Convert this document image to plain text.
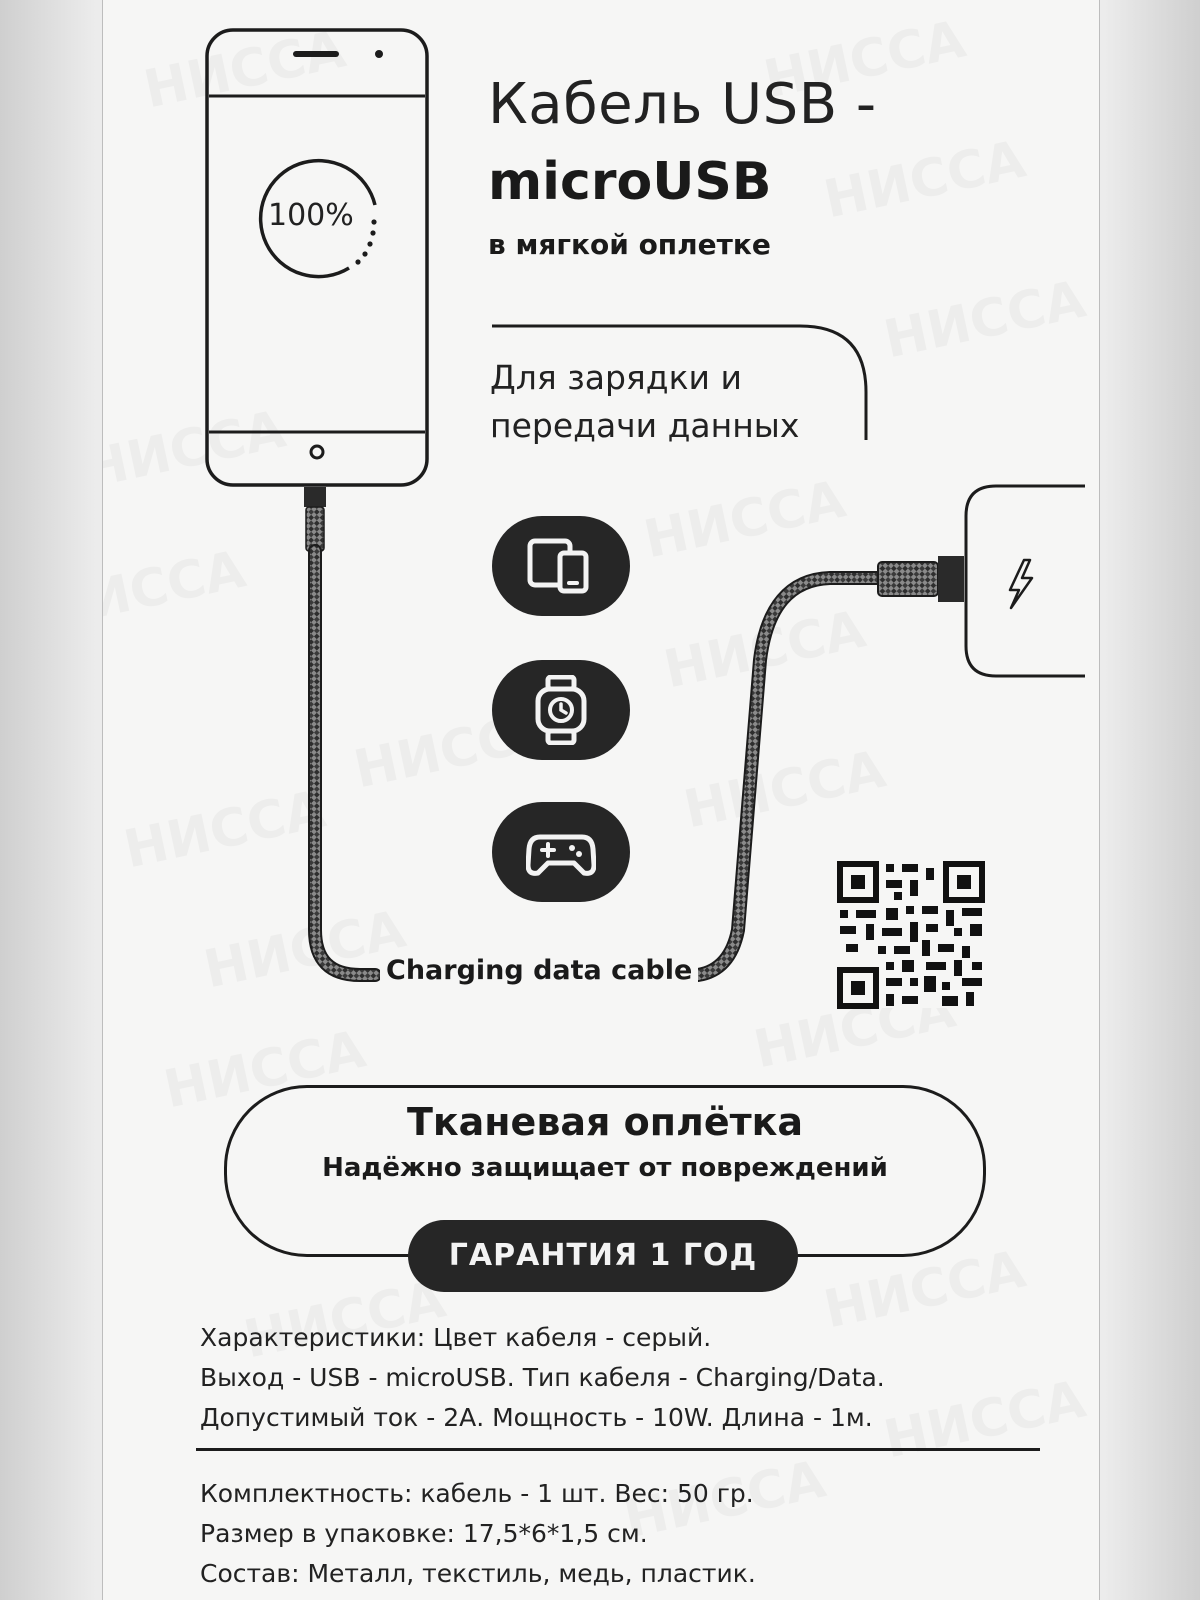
100%
Кабель USB -
microUSB
в мягкой оплетке
Для зарядки и
передачи данных
Charging data cable
Тканевая оплётка
Надёжно защищает от повреждений
ГАРАНТИЯ 1 ГОД
Характеристики: Цвет кабеля - серый.
Выход - USB - microUSB. Тип кабеля - Charging/Data.
Допустимый ток - 2А. Мощность - 10W. Длина - 1м.
Комплектность: кабель - 1 шт. Вес: 50 гр.
Размер в упаковке: 17,5*6*1,5 см.
Состав: Металл, текстиль, медь, пластик.
